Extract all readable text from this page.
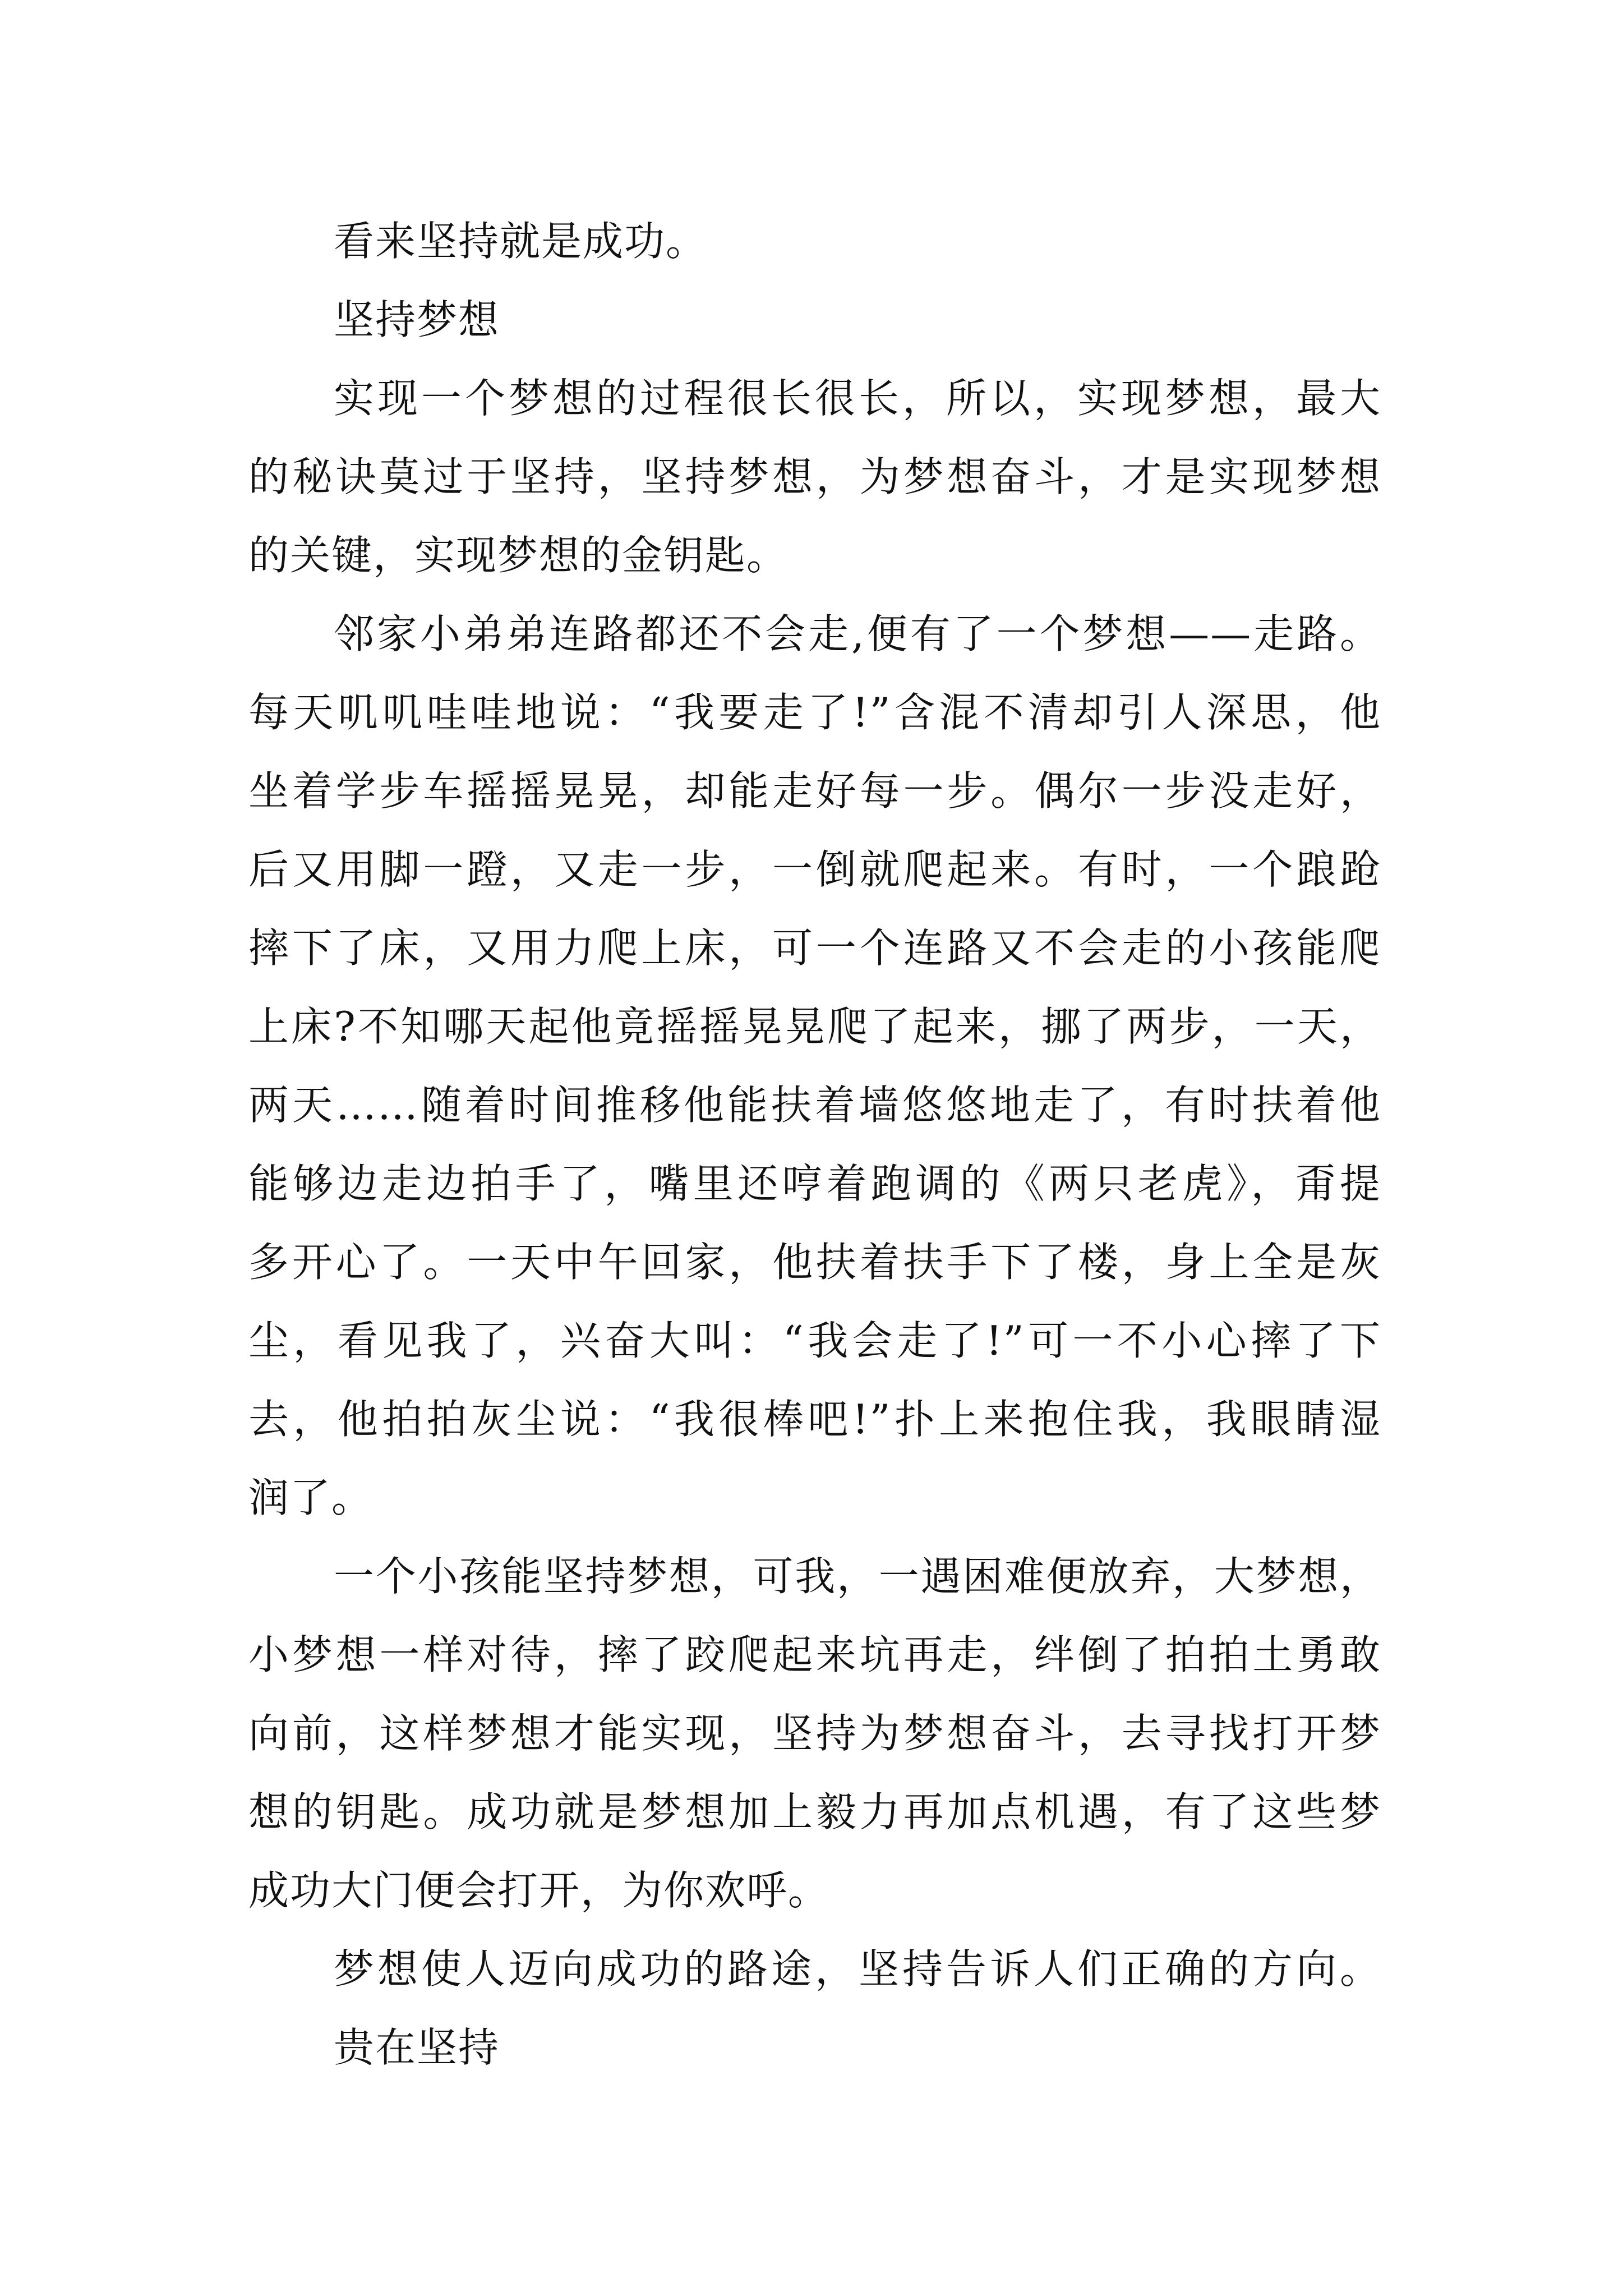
看来坚持就是成功。
坚持梦想
实现一个梦想的过程很长很长，所以，实现梦想，最大
的秘诀莫过于坚持，坚持梦想，为梦想奋斗，才是实现梦想
的关键，实现梦想的金钥匙。
邻家小弟弟连路都还不会走,便有了一个梦想——走路。
每天叽叽哇哇地说：“我要走了!”含混不清却引人深思，他
坐着学步车摇摇晃晃，却能走好每一步。偶尔一步没走好，
后又用脚一蹬，又走一步，一倒就爬起来。有时，一个踉跄
摔下了床，又用力爬上床，可一个连路又不会走的小孩能爬
上床?不知哪天起他竟摇摇晃晃爬了起来，挪了两步，一天，
两天……随着时间推移他能扶着墙悠悠地走了，有时扶着他
能够边走边拍手了，嘴里还哼着跑调的《两只老虎》，甭提
多开心了。一天中午回家，他扶着扶手下了楼，身上全是灰
尘，看见我了，兴奋大叫：“我会走了!”可一不小心摔了下
去，他拍拍灰尘说：“我很棒吧!”扑上来抱住我，我眼睛湿
润了。
一个小孩能坚持梦想，可我，一遇困难便放弃，大梦想，
小梦想一样对待，摔了跤爬起来坑再走，绊倒了拍拍土勇敢
向前，这样梦想才能实现，坚持为梦想奋斗，去寻找打开梦
想的钥匙。成功就是梦想加上毅力再加点机遇，有了这些梦
成功大门便会打开，为你欢呼。
梦想使人迈向成功的路途，坚持告诉人们正确的方向。
贵在坚持
